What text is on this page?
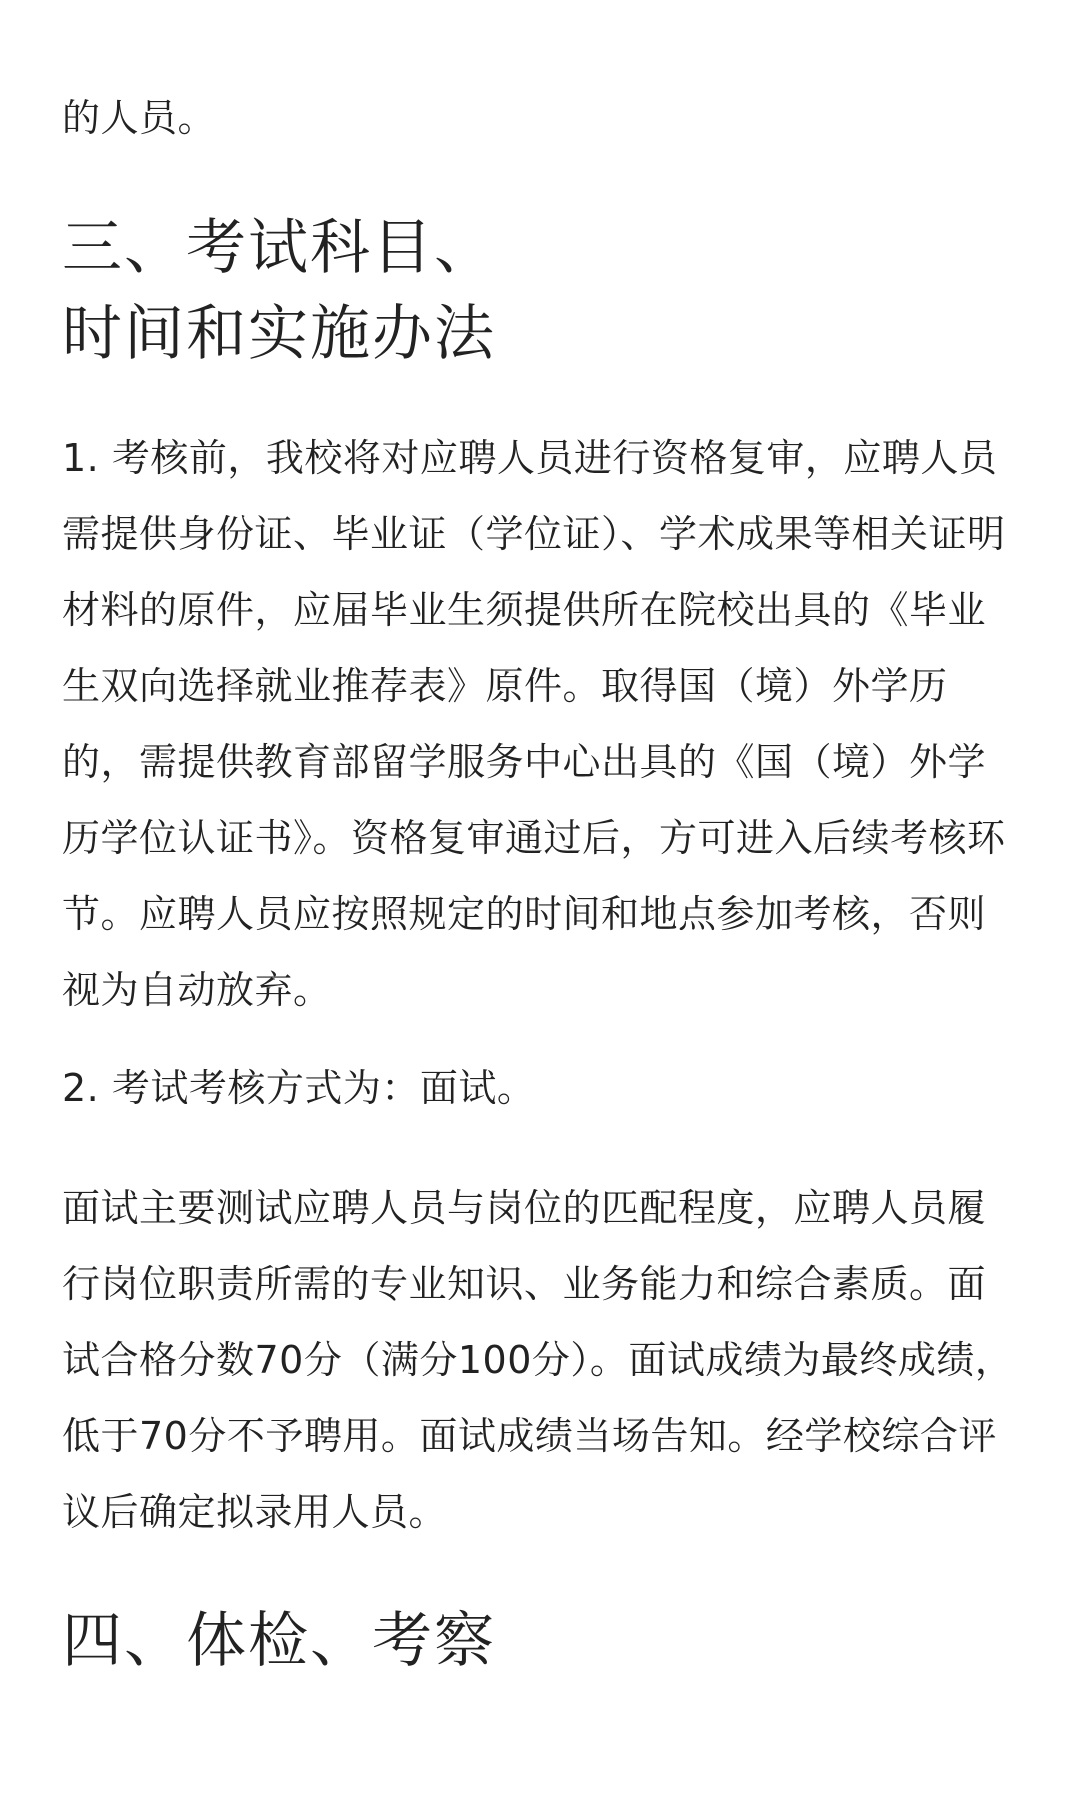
的人员。

三、考试科目、
时间和实施办法

1. 考核前，我校将对应聘人员进行资格复审，应聘人员需提供身份证、毕业证（学位证）、学术成果等相关证明材料的原件，应届毕业生须提供所在院校出具的《毕业生双向选择就业推荐表》原件。取得国（境）外学历的，需提供教育部留学服务中心出具的《国（境）外学历学位认证书》。资格复审通过后，方可进入后续考核环节。应聘人员应按照规定的时间和地点参加考核，否则视为自动放弃。

2. 考试考核方式为：面试。

面试主要测试应聘人员与岗位的匹配程度，应聘人员履行岗位职责所需的专业知识、业务能力和综合素质。面试合格分数70分（满分100分）。面试成绩为最终成绩，低于70分不予聘用。面试成绩当场告知。经学校综合评议后确定拟录用人员。

四、体检、考察
